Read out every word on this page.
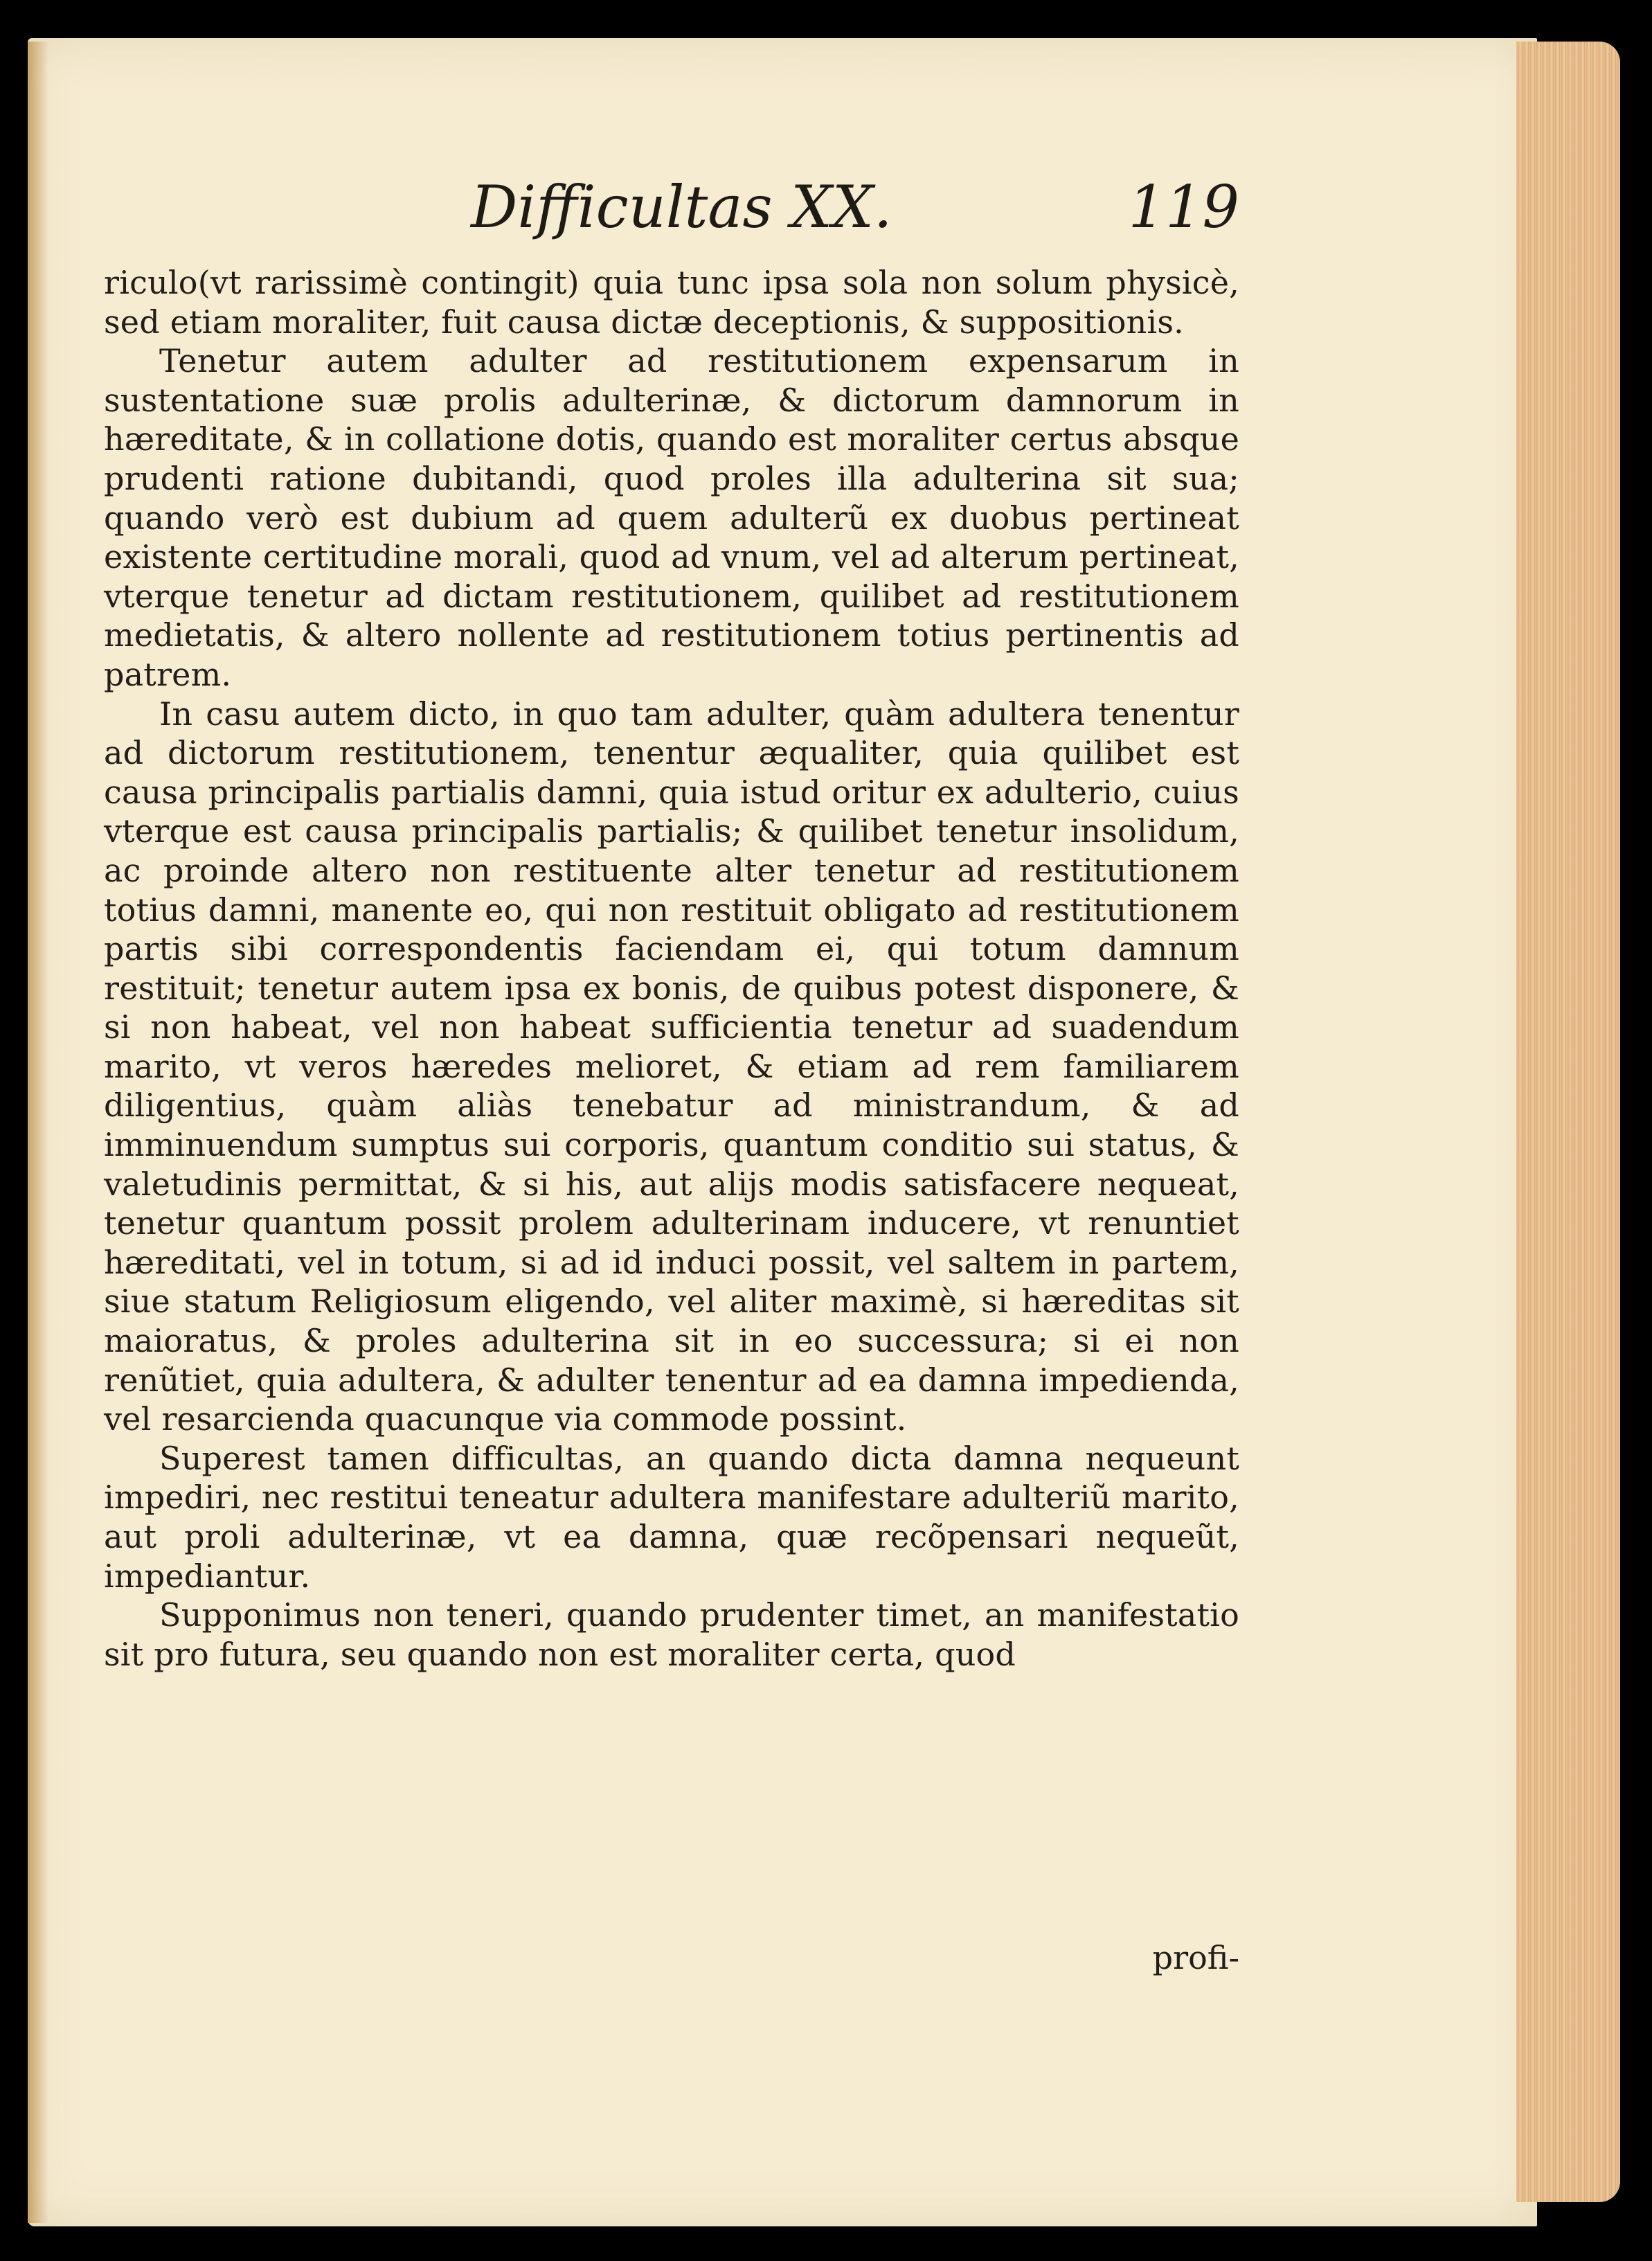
Difficultas XX.	119

riculo(vt rarissimè contingit) quia tunc ipsa sola non solum physicè, sed etiam moraliter, fuit causa dictæ deceptionis, & suppositionis.

Tenetur autem adulter ad restitutionem expensarum in sustentatione suæ prolis adulterinæ, & dictorum damnorum in hæreditate, & in collatione dotis, quando est moraliter certus absque prudenti ratione dubitandi, quod proles illa adulterina sit sua; quando verò est dubium ad quem adulterũ ex duobus pertineat existente certitudine morali, quod ad vnum, vel ad alterum pertineat, vterque tenetur ad dictam restitutionem, quilibet ad restitutionem medietatis, & altero nollente ad restitutionem totius pertinentis ad patrem.

In casu autem dicto, in quo tam adulter, quàm adultera tenentur ad dictorum restitutionem, tenentur æqualiter, quia quilibet est causa principalis partialis damni, quia istud oritur ex adulterio, cuius vterque est causa principalis partialis; & quilibet tenetur insolidum, ac proinde altero non restituente alter tenetur ad restitutionem totius damni, manente eo, qui non restituit obligato ad restitutionem partis sibi correspondentis faciendam ei, qui totum damnum restituit; tenetur autem ipsa ex bonis, de quibus potest disponere, & si non habeat, vel non habeat sufficientia tenetur ad suadendum marito, vt veros hæredes melioret, & etiam ad rem familiarem diligentius, quàm aliàs tenebatur ad ministrandum, & ad imminuendum sumptus sui corporis, quantum conditio sui status, & valetudinis permittat, & si his, aut alijs modis satisfacere nequeat, tenetur quantum possit prolem adulterinam inducere, vt renuntiet hæreditati, vel in totum, si ad id induci possit, vel saltem in partem, siue statum Religiosum eligendo, vel aliter maximè, si hæreditas sit maioratus, & proles adulterina sit in eo successura; si ei non renũtiet, quia adultera, & adulter tenentur ad ea damna impedienda, vel resarcienda quacunque via commode possint.

Superest tamen difficultas, an quando dicta damna nequeunt impediri, nec restitui teneatur adultera manifestare adulteriũ marito, aut proli adulterinæ, vt ea damna, quæ recõpensari nequeũt, impediantur.

Supponimus non teneri, quando prudenter timet, an manifestatio sit pro futura, seu quando non est moraliter certa, quod

profi-
